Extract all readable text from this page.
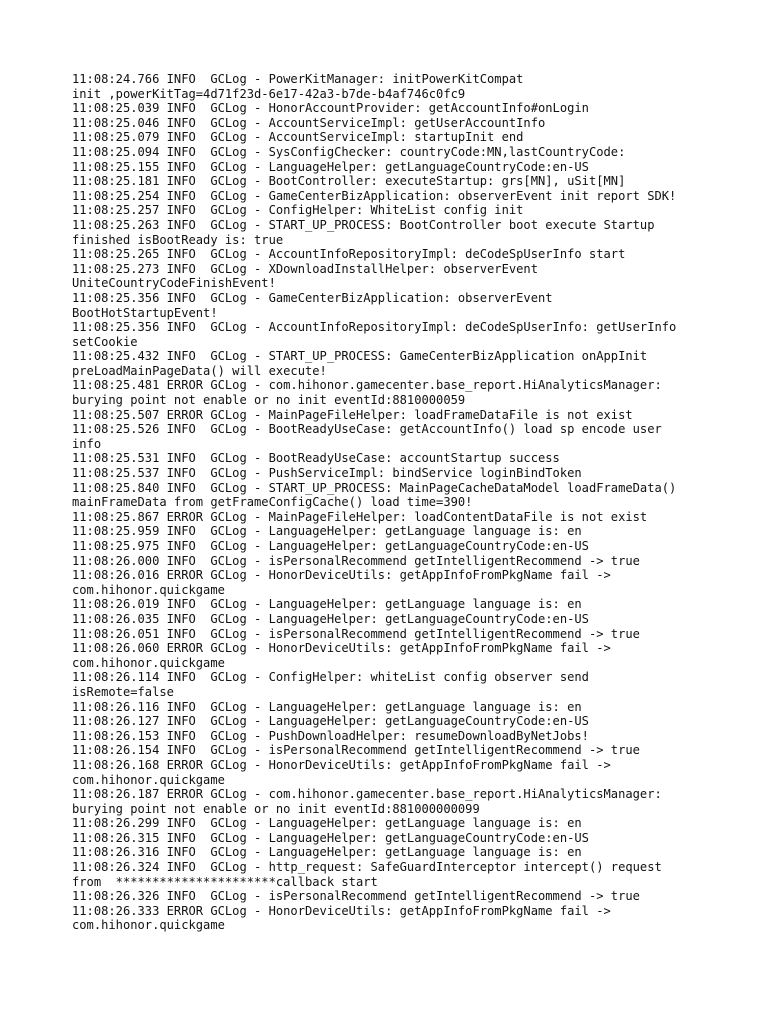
11:08:24.766 INFO  GCLog - PowerKitManager: initPowerKitCompat
init ,powerKitTag=4d71f23d-6e17-42a3-b7de-b4af746c0fc9
11:08:25.039 INFO  GCLog - HonorAccountProvider: getAccountInfo#onLogin
11:08:25.046 INFO  GCLog - AccountServiceImpl: getUserAccountInfo
11:08:25.079 INFO  GCLog - AccountServiceImpl: startupInit end
11:08:25.094 INFO  GCLog - SysConfigChecker: countryCode:MN,lastCountryCode:
11:08:25.155 INFO  GCLog - LanguageHelper: getLanguageCountryCode:en-US
11:08:25.181 INFO  GCLog - BootController: executeStartup: grs[MN], uSit[MN]
11:08:25.254 INFO  GCLog - GameCenterBizApplication: observerEvent init report SDK!
11:08:25.257 INFO  GCLog - ConfigHelper: WhiteList config init
11:08:25.263 INFO  GCLog - START_UP_PROCESS: BootController boot execute Startup
finished isBootReady is: true
11:08:25.265 INFO  GCLog - AccountInfoRepositoryImpl: deCodeSpUserInfo start
11:08:25.273 INFO  GCLog - XDownloadInstallHelper: observerEvent
UniteCountryCodeFinishEvent!
11:08:25.356 INFO  GCLog - GameCenterBizApplication: observerEvent
BootHotStartupEvent!
11:08:25.356 INFO  GCLog - AccountInfoRepositoryImpl: deCodeSpUserInfo: getUserInfo
setCookie
11:08:25.432 INFO  GCLog - START_UP_PROCESS: GameCenterBizApplication onAppInit
preLoadMainPageData() will execute!
11:08:25.481 ERROR GCLog - com.hihonor.gamecenter.base_report.HiAnalyticsManager:
burying point not enable or no init eventId:8810000059
11:08:25.507 ERROR GCLog - MainPageFileHelper: loadFrameDataFile is not exist
11:08:25.526 INFO  GCLog - BootReadyUseCase: getAccountInfo() load sp encode user
info
11:08:25.531 INFO  GCLog - BootReadyUseCase: accountStartup success
11:08:25.537 INFO  GCLog - PushServiceImpl: bindService loginBindToken
11:08:25.840 INFO  GCLog - START_UP_PROCESS: MainPageCacheDataModel loadFrameData()
mainFrameData from getFrameConfigCache() load time=390!
11:08:25.867 ERROR GCLog - MainPageFileHelper: loadContentDataFile is not exist
11:08:25.959 INFO  GCLog - LanguageHelper: getLanguage language is: en
11:08:25.975 INFO  GCLog - LanguageHelper: getLanguageCountryCode:en-US
11:08:26.000 INFO  GCLog - isPersonalRecommend getIntelligentRecommend -> true
11:08:26.016 ERROR GCLog - HonorDeviceUtils: getAppInfoFromPkgName fail ->
com.hihonor.quickgame
11:08:26.019 INFO  GCLog - LanguageHelper: getLanguage language is: en
11:08:26.035 INFO  GCLog - LanguageHelper: getLanguageCountryCode:en-US
11:08:26.051 INFO  GCLog - isPersonalRecommend getIntelligentRecommend -> true
11:08:26.060 ERROR GCLog - HonorDeviceUtils: getAppInfoFromPkgName fail ->
com.hihonor.quickgame
11:08:26.114 INFO  GCLog - ConfigHelper: whiteList config observer send
isRemote=false
11:08:26.116 INFO  GCLog - LanguageHelper: getLanguage language is: en
11:08:26.127 INFO  GCLog - LanguageHelper: getLanguageCountryCode:en-US
11:08:26.153 INFO  GCLog - PushDownloadHelper: resumeDownloadByNetJobs!
11:08:26.154 INFO  GCLog - isPersonalRecommend getIntelligentRecommend -> true
11:08:26.168 ERROR GCLog - HonorDeviceUtils: getAppInfoFromPkgName fail ->
com.hihonor.quickgame
11:08:26.187 ERROR GCLog - com.hihonor.gamecenter.base_report.HiAnalyticsManager:
burying point not enable or no init eventId:881000000099
11:08:26.299 INFO  GCLog - LanguageHelper: getLanguage language is: en
11:08:26.315 INFO  GCLog - LanguageHelper: getLanguageCountryCode:en-US
11:08:26.316 INFO  GCLog - LanguageHelper: getLanguage language is: en
11:08:26.324 INFO  GCLog - http_request: SafeGuardInterceptor intercept() request
from  **********************callback start
11:08:26.326 INFO  GCLog - isPersonalRecommend getIntelligentRecommend -> true
11:08:26.333 ERROR GCLog - HonorDeviceUtils: getAppInfoFromPkgName fail ->
com.hihonor.quickgame
